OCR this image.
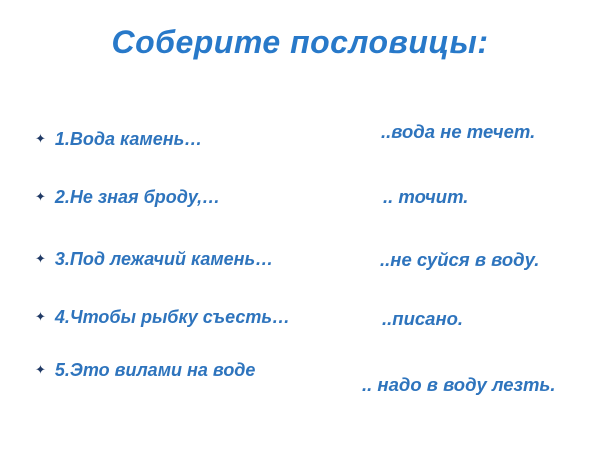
Соберите пословицы:
✦ 1.Вода камень…
✦ 2.Не зная броду,…
✦ 3.Под лежачий камень…
✦ 4.Чтобы рыбку съесть…
✦ 5.Это вилами на воде
..вода не течет.
.. точит.
..не суйся в воду.
..писано.
.. надо в воду лезть.
